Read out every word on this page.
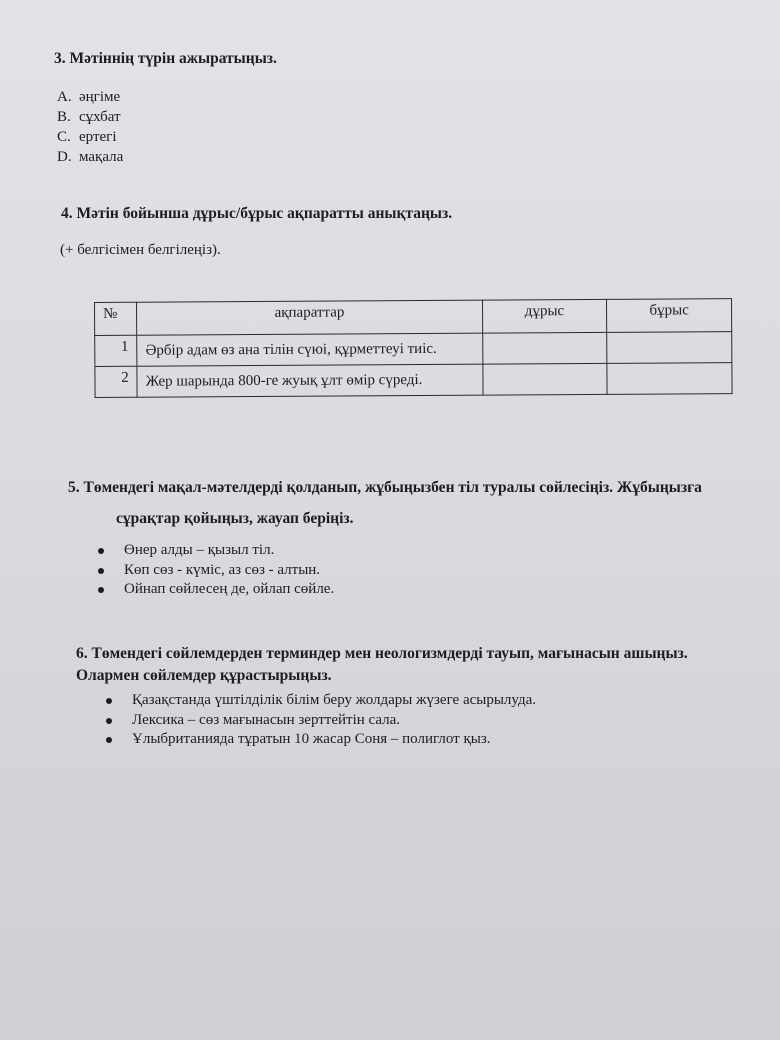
3. Мәтіннің түрін ажыратыңыз.

A. әңгіме
B. сұхбат
C. ертегі
D. мақала

4. Мәтін бойынша дұрыс/бұрыс ақпаратты анықтаңыз.

(+ белгісімен белгілеңіз).
№	ақпараттар	дұрыс	бұрыс
1	Әрбір адам өз ана тілін сүюі, құрметтеуі тиіс.		
2	Жер шарында 800-ге жуық ұлт өмір сүреді.		
5. Төмендегі мақал-мәтелдерді қолданып, жұбыңызбен тіл туралы сөйлесіңіз. Жұбыңызға
сұрақтар қойыңыз, жауап беріңіз.
Өнер алды – қызыл тіл.
Көп сөз - күміс, аз сөз - алтын.
Ойнап сөйлесең де, ойлап сөйле.
6. Төмендегі сөйлемдерден терминдер мен неологизмдерді тауып, мағынасын ашыңыз.
Олармен сөйлемдер құрастырыңыз.
Қазақстанда үштілділік білім беру жолдары жүзеге асырылуда.
Лексика – сөз мағынасын зерттейтін сала.
Ұлыбританияда тұратын 10 жасар Соня – полиглот қыз.
